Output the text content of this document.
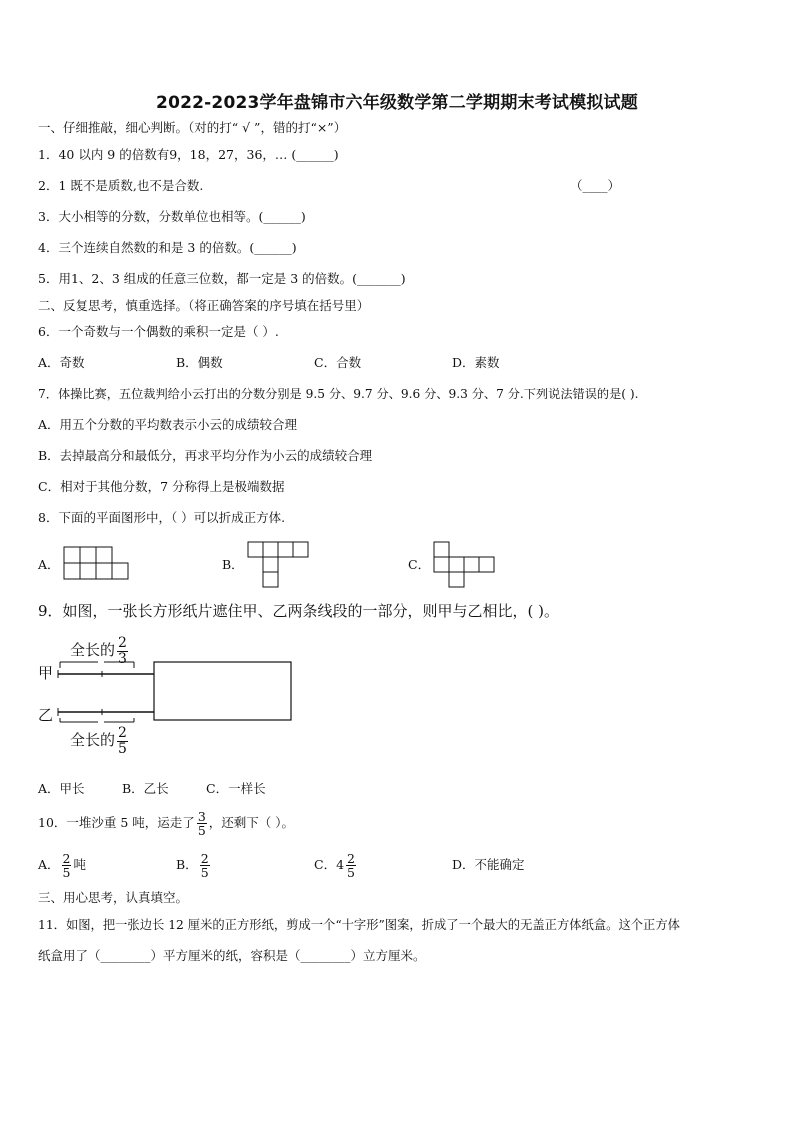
2022-2023学年盘锦市六年级数学第二学期期末考试模拟试题
一、仔细推敲，细心判断。（对的打“ √ ”，错的打“×”）
1．40 以内 9 的倍数有9，18，27，36，… (______)
2．1 既不是质数,也不是合数.	（____）
3．大小相等的分数，分数单位也相等。(______)
4．三个连续自然数的和是 3 的倍数。(______)
5．用1、2、3 组成的任意三位数，都一定是 3 的倍数。(_______)
二、反复思考，慎重选择。（将正确答案的序号填在括号里）
6．一个奇数与一个偶数的乘积一定是（ ）.
A．奇数	B．偶数	C．合数	D．素数
7．体操比赛，五位裁判给小云打出的分数分别是 9.5 分、9.7 分、9.6 分、9.3 分、7 分.下列说法错误的是( ).
A．用五个分数的平均数表示小云的成绩较合理
B．去掉最高分和最低分，再求平均分作为小云的成绩较合理
C．相对于其他分数，7 分称得上是极端数据
8．下面的平面图形中，（ ）可以折成正方体.
A．	B．	C．
9．如图，一张长方形纸片遮住甲、乙两条线段的一部分，则甲与乙相比，( )。
全长的 $\frac{2}{3}$
甲
乙
全长的 $\frac{2}{5}$
A．甲长	B．乙长	C．一样长
10．一堆沙重 5 吨，运走了 $\frac{3}{5}$ ，还剩下（ ）。
A． $\frac{2}{5}$ 吨	B． $\frac{2}{5}$	C．$4 \frac{2}{5}$	D．不能确定
三、用心思考，认真填空。
11．如图，把一张边长 12 厘米的正方形纸，剪成一个“十字形”图案，折成了一个最大的无盖正方体纸盒。这个正方体
纸盒用了（________）平方厘米的纸，容积是（________）立方厘米。
